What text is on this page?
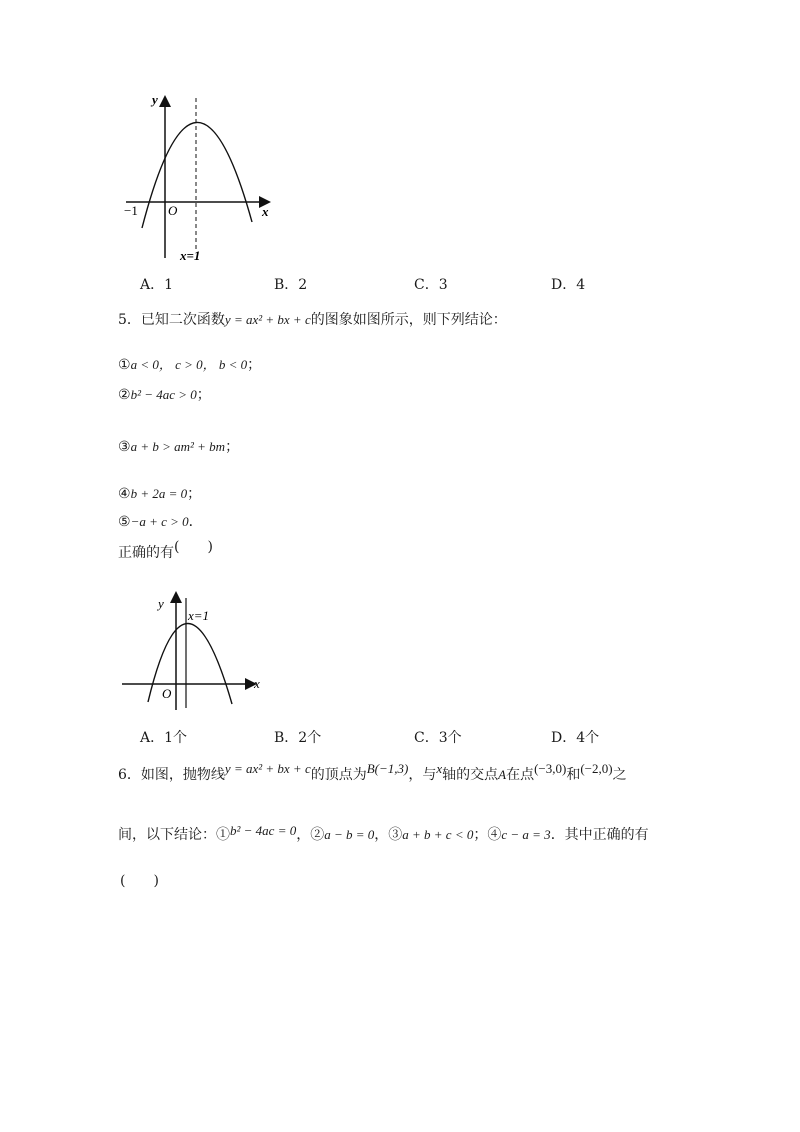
y
x
O
−1
x=1
A．1	B．2	C．3	D．4
5．已知二次函数y = ax² + bx + c的图象如图所示，则下列结论：
①a < 0， c > 0， b < 0；
②b² − 4ac > 0；
③a + b > am² + bm；
④b + 2a = 0；
⑤−a + c > 0．
正确的有(　　)
y
x
O
x=1
A．1个	B．2个	C．3个	D．4个
6．如图，抛物线y = ax² + bx + c的顶点为B(−1,3)，与x轴的交点A在点(−3,0)和(−2,0)之
间，以下结论：①b² − 4ac = 0，②a − b = 0，③a + b + c < 0；④c − a = 3．其中正确的有
(　　)
